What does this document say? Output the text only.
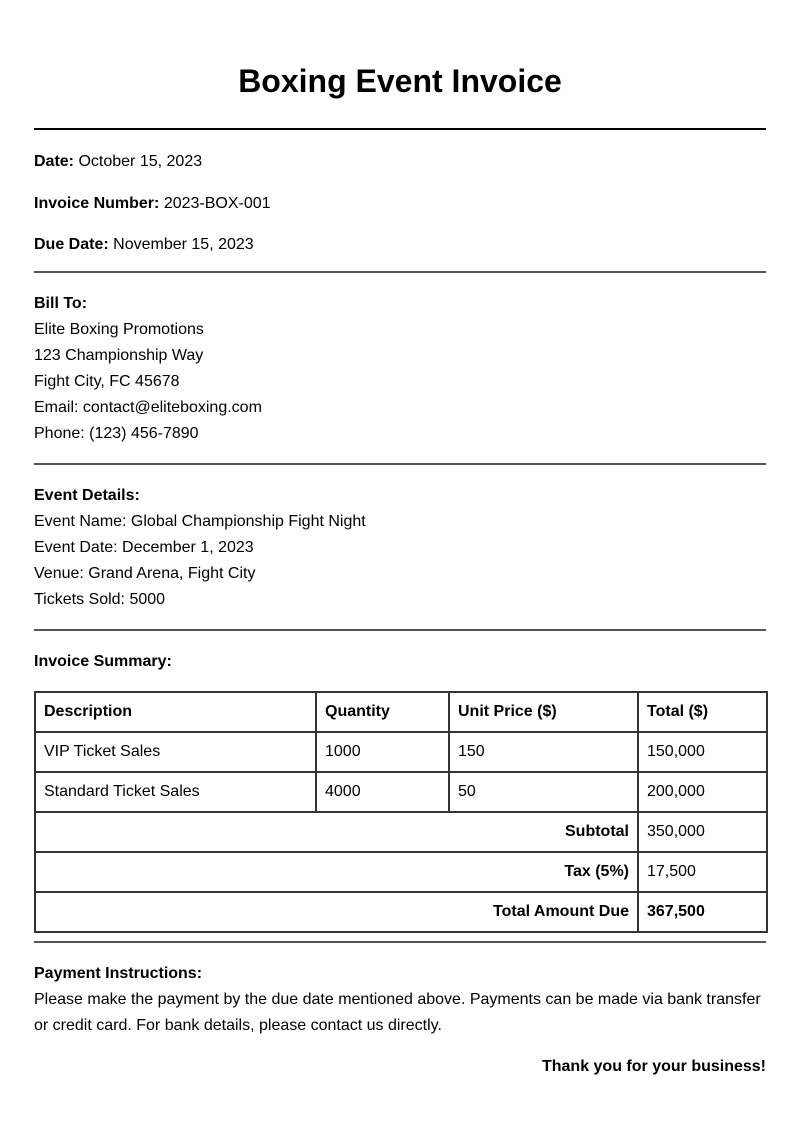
Boxing Event Invoice

Date: October 15, 2023

Invoice Number: 2023-BOX-001

Due Date: November 15, 2023

Bill To:

Elite Boxing Promotions

123 Championship Way

Fight City, FC 45678

Email: contact@eliteboxing.com

Phone: (123) 456-7890

Event Details:

Event Name: Global Championship Fight Night

Event Date: December 1, 2023

Venue: Grand Arena, Fight City

Tickets Sold: 5000

Invoice Summary:

Description	Quantity	Unit Price ($)	Total ($)
VIP Ticket Sales	1000	150	150,000
Standard Ticket Sales	4000	50	200,000
Subtotal			350,000
Tax (5%)			17,500
Total Amount Due			367,500

Payment Instructions:

Please make the payment by the due date mentioned above. Payments can be made via bank transfer or credit card. For bank details, please contact us directly.

Thank you for your business!
